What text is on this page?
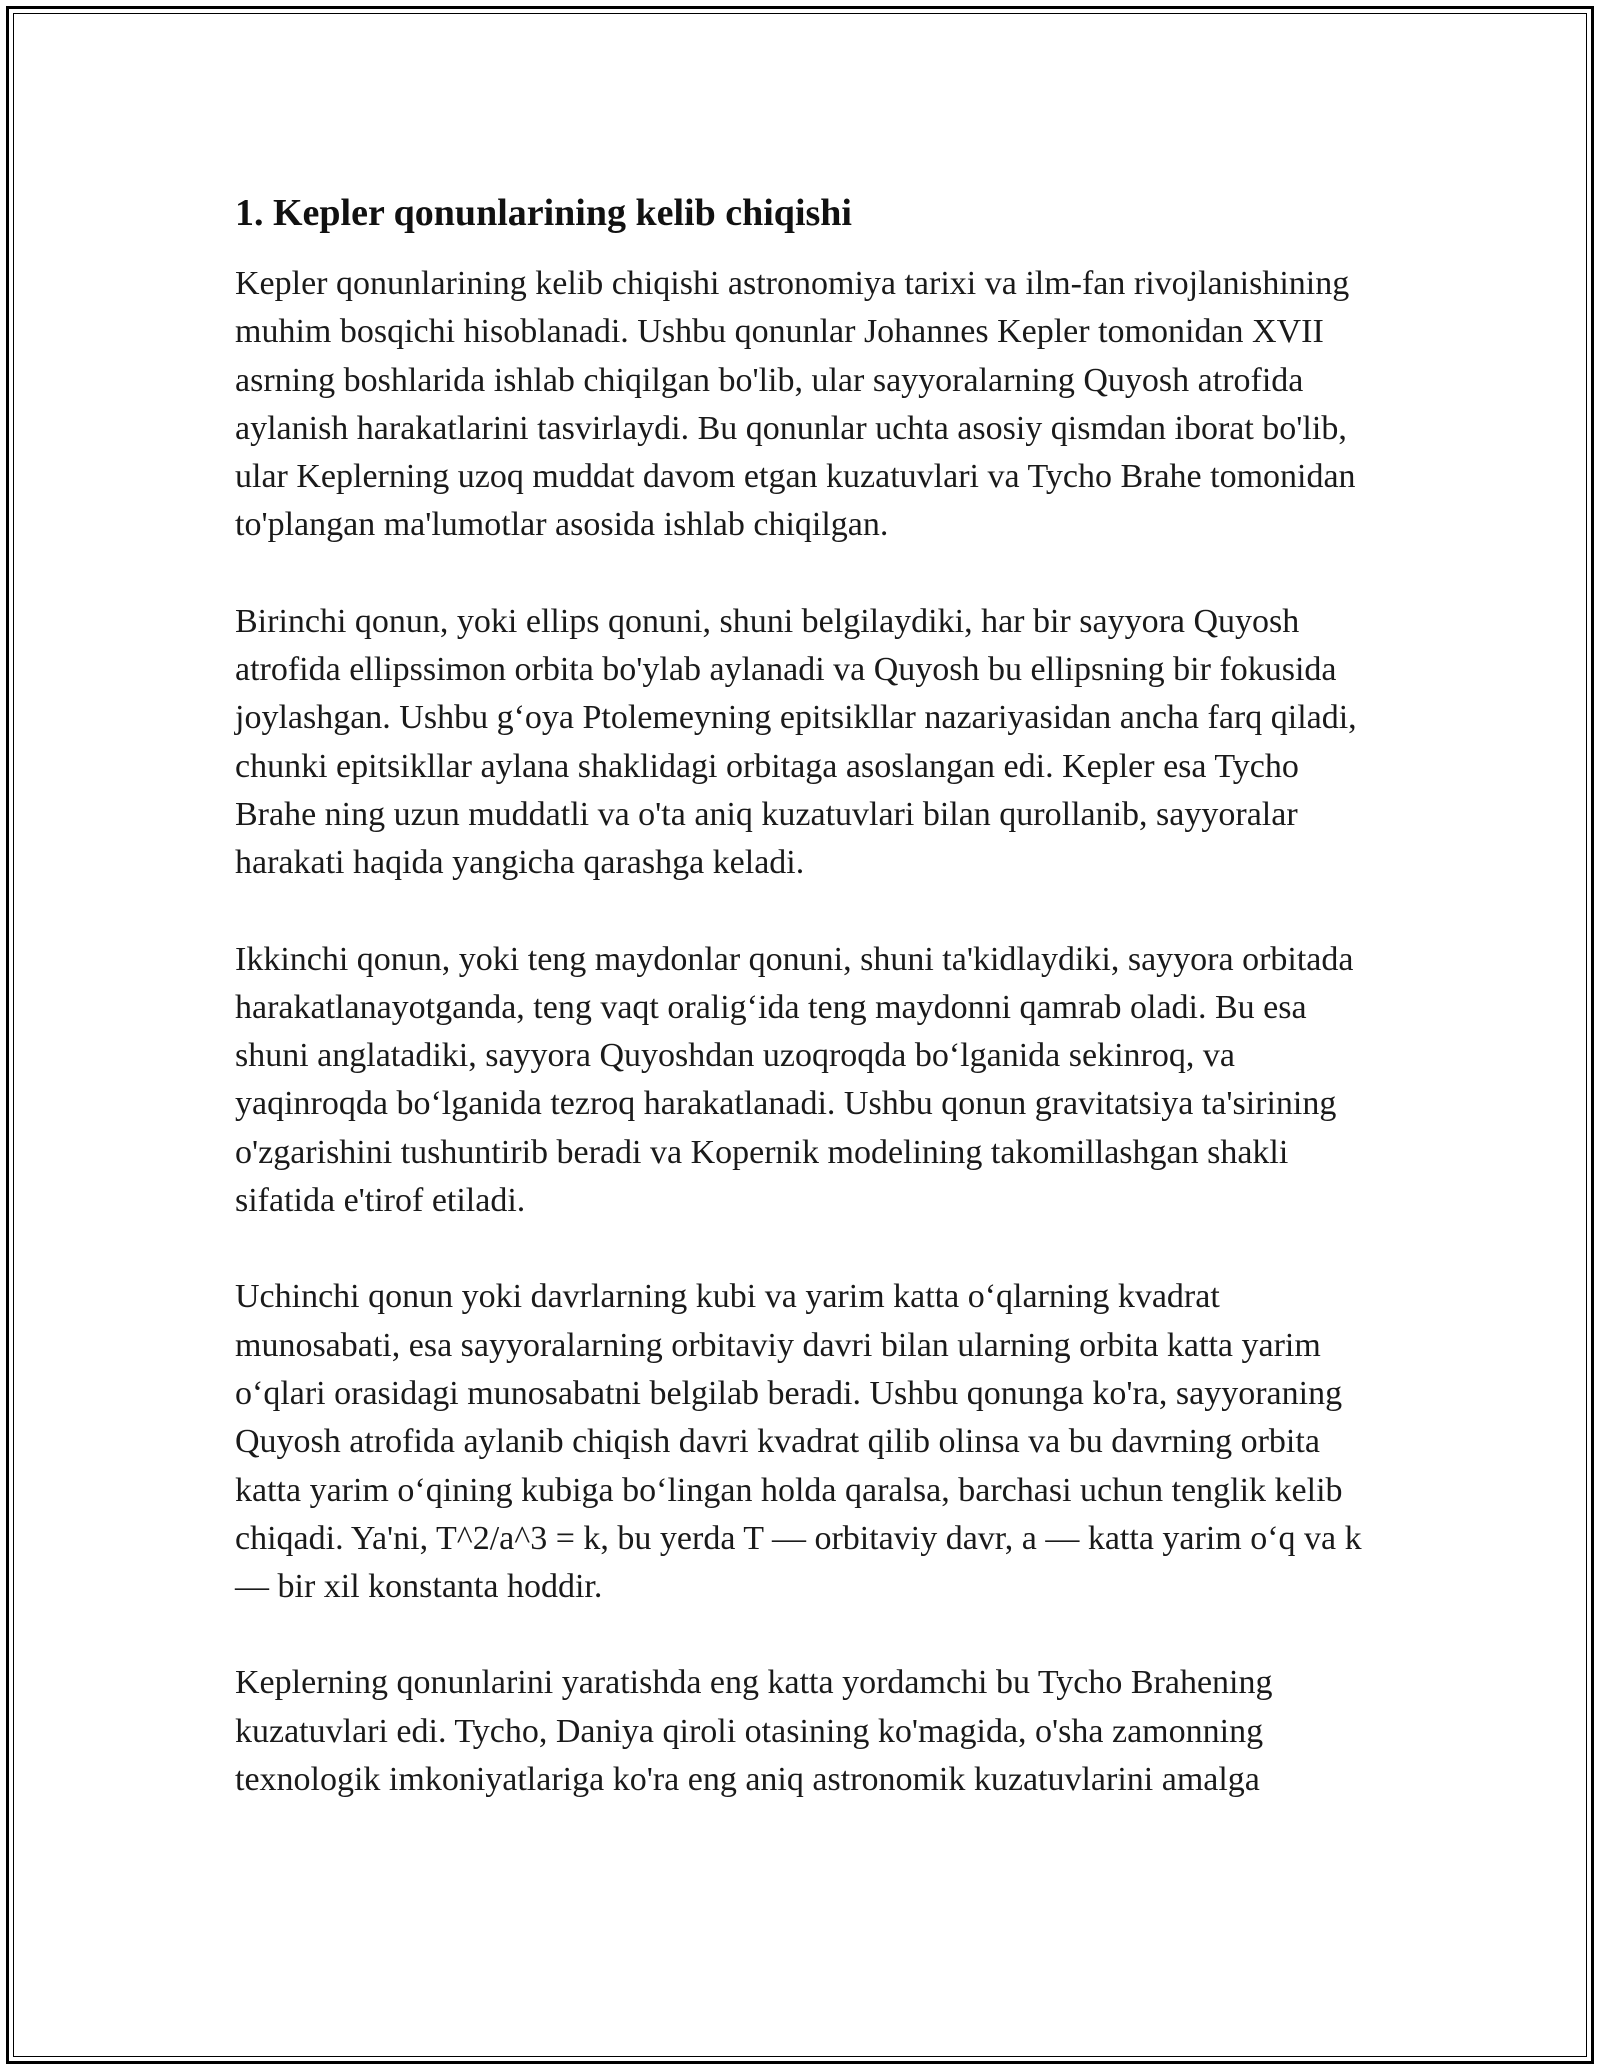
1. Kepler qonunlarining kelib chiqishi

Kepler qonunlarining kelib chiqishi astronomiya tarixi va ilm-fan rivojlanishining muhim bosqichi hisoblanadi. Ushbu qonunlar Johannes Kepler tomonidan XVII asrning boshlarida ishlab chiqilgan bo'lib, ular sayyoralarning Quyosh atrofida aylanish harakatlarini tasvirlaydi. Bu qonunlar uchta asosiy qismdan iborat bo'lib, ular Keplerning uzoq muddat davom etgan kuzatuvlari va Tycho Brahe tomonidan to'plangan ma'lumotlar asosida ishlab chiqilgan.

Birinchi qonun, yoki ellips qonuni, shuni belgilaydiki, har bir sayyora Quyosh atrofida ellipssimon orbita bo'ylab aylanadi va Quyosh bu ellipsning bir fokusida joylashgan. Ushbu g‘oya Ptolemeyning epitsikllar nazariyasidan ancha farq qiladi, chunki epitsikllar aylana shaklidagi orbitaga asoslangan edi. Kepler esa Tycho Brahe ning uzun muddatli va o'ta aniq kuzatuvlari bilan qurollanib, sayyoralar harakati haqida yangicha qarashga keladi.

Ikkinchi qonun, yoki teng maydonlar qonuni, shuni ta'kidlaydiki, sayyora orbitada harakatlanayotganda, teng vaqt oralig‘ida teng maydonni qamrab oladi. Bu esa shuni anglatadiki, sayyora Quyoshdan uzoqroqda bo‘lganida sekinroq, va yaqinroqda bo‘lganida tezroq harakatlanadi. Ushbu qonun gravitatsiya ta'sirining o'zgarishini tushuntirib beradi va Kopernik modelining takomillashgan shakli sifatida e'tirof etiladi.

Uchinchi qonun yoki davrlarning kubi va yarim katta o‘qlarning kvadrat munosabati, esa sayyoralarning orbitaviy davri bilan ularning orbita katta yarim o‘qlari orasidagi munosabatni belgilab beradi. Ushbu qonunga ko'ra, sayyoraning Quyosh atrofida aylanib chiqish davri kvadrat qilib olinsa va bu davrning orbita katta yarim o‘qining kubiga bo‘lingan holda qaralsa, barchasi uchun tenglik kelib chiqadi. Ya'ni, T^2/a^3 = k, bu yerda T — orbitaviy davr, a — katta yarim o‘q va k — bir xil konstanta hoddir.

Keplerning qonunlarini yaratishda eng katta yordamchi bu Tycho Brahening kuzatuvlari edi. Tycho, Daniya qiroli otasining ko'magida, o'sha zamonning texnologik imkoniyatlariga ko'ra eng aniq astronomik kuzatuvlarini amalga
